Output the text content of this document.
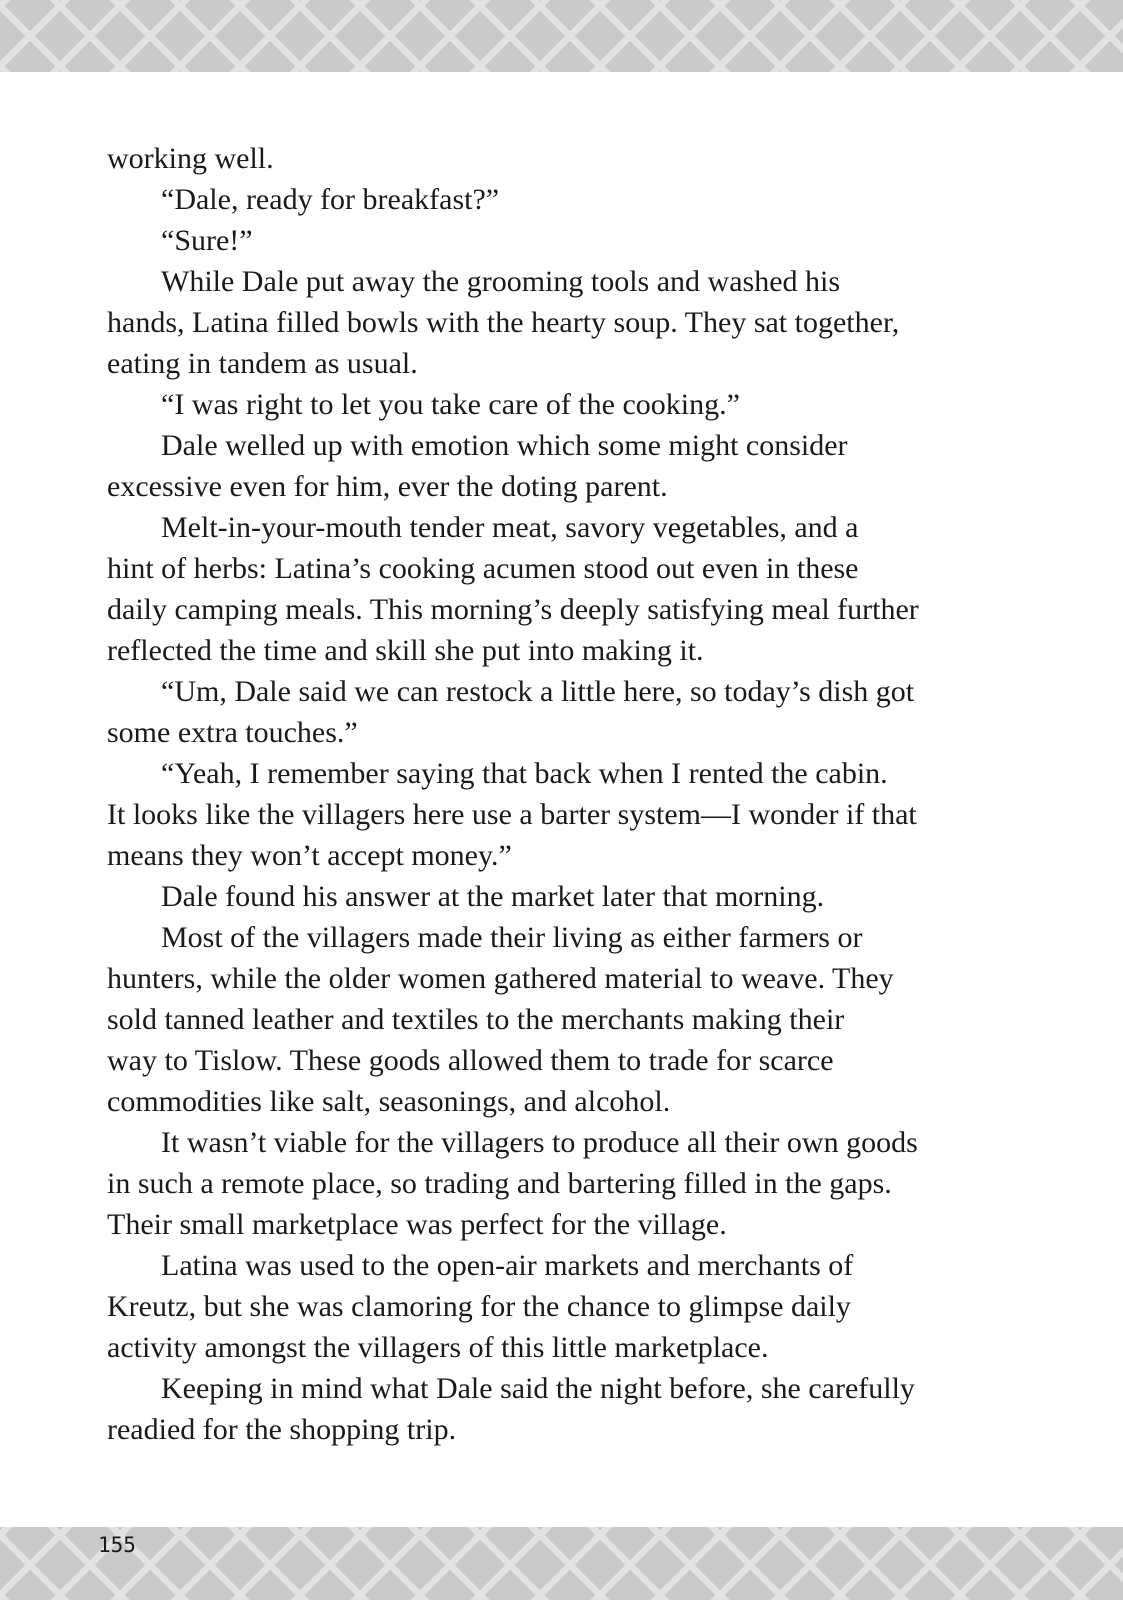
working well.

“Dale, ready for breakfast?”

“Sure!”

While Dale put away the grooming tools and washed his
hands, Latina filled bowls with the hearty soup. They sat together,
eating in tandem as usual.

“I was right to let you take care of the cooking.”

Dale welled up with emotion which some might consider
excessive even for him, ever the doting parent.

Melt-in-your-mouth tender meat, savory vegetables, and a
hint of herbs: Latina’s cooking acumen stood out even in these
daily camping meals. This morning’s deeply satisfying meal further
reflected the time and skill she put into making it.

“Um, Dale said we can restock a little here, so today’s dish got
some extra touches.”

“Yeah, I remember saying that back when I rented the cabin.
It looks like the villagers here use a barter system—I wonder if that
means they won’t accept money.”

Dale found his answer at the market later that morning.

Most of the villagers made their living as either farmers or
hunters, while the older women gathered material to weave. They
sold tanned leather and textiles to the merchants making their
way to Tislow. These goods allowed them to trade for scarce
commodities like salt, seasonings, and alcohol.

It wasn’t viable for the villagers to produce all their own goods
in such a remote place, so trading and bartering filled in the gaps.
Their small marketplace was perfect for the village.

Latina was used to the open-air markets and merchants of
Kreutz, but she was clamoring for the chance to glimpse daily
activity amongst the villagers of this little marketplace.

Keeping in mind what Dale said the night before, she carefully
readied for the shopping trip.

155
